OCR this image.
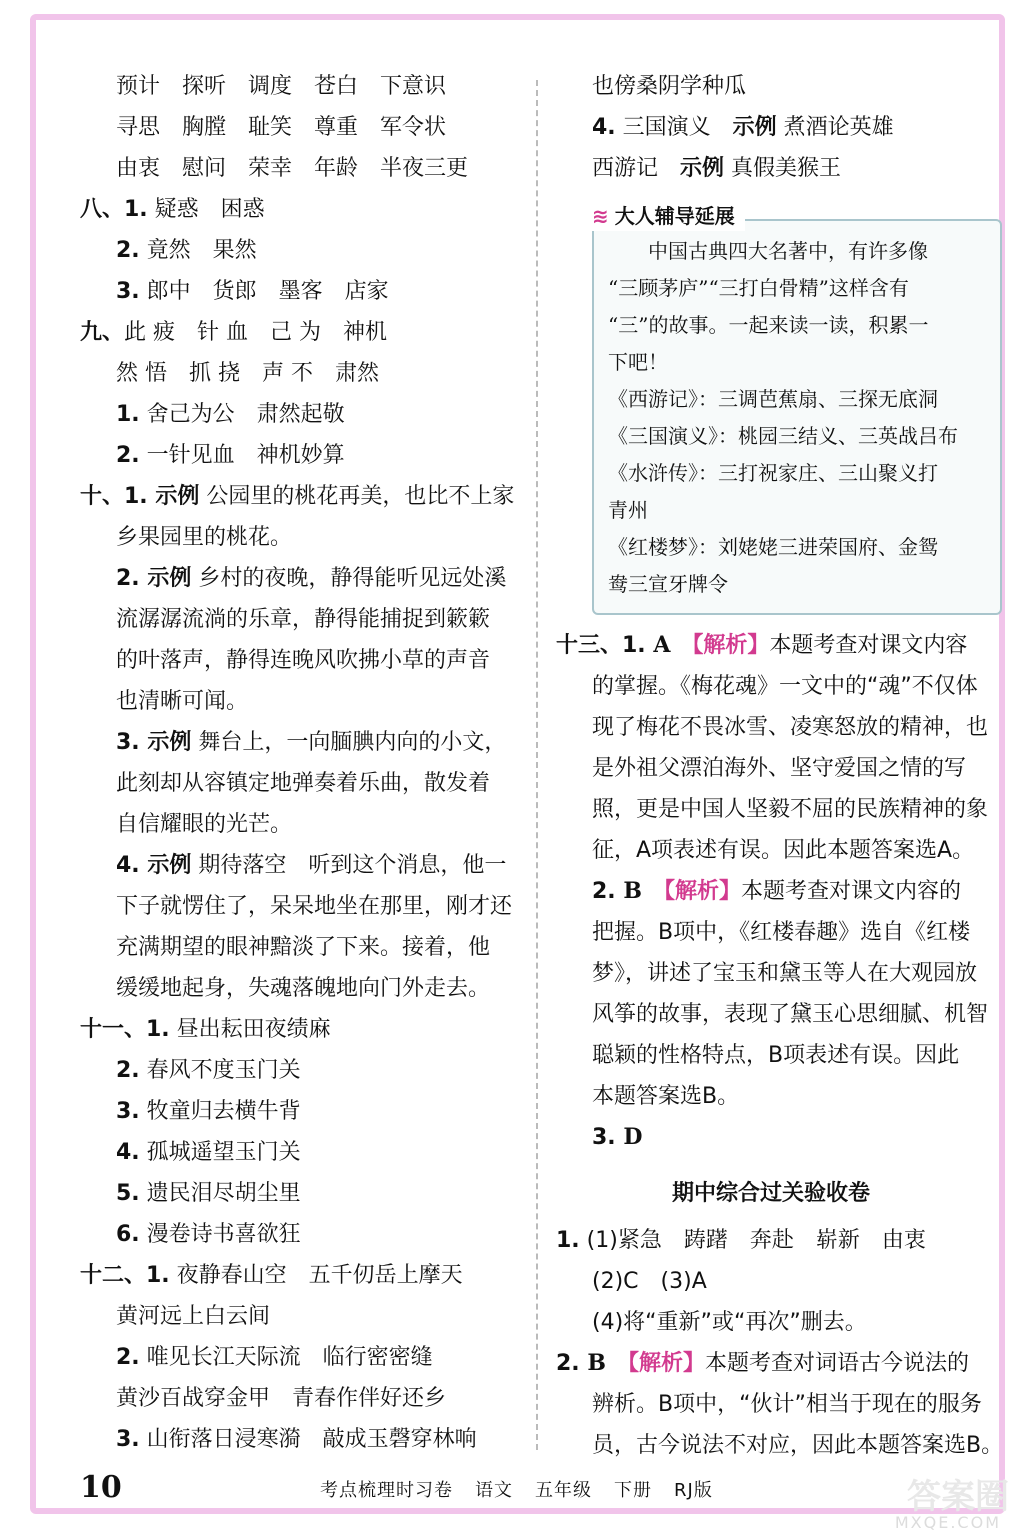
预计　探听　调度　苍白　下意识
寻思　胸膛　耻笑　尊重　军令状
由衷　慰问　荣幸　年龄　半夜三更
八、1. 疑惑　困惑
2. 竟然　果然
3. 郎中　货郎　墨客　店家
九、此 疲　针 血　己 为　神机
然 悟　抓 挠　声 不　肃然
1. 舍己为公　肃然起敬
2. 一针见血　神机妙算
十、1. 示例 公园里的桃花再美，也比不上家
乡果园里的桃花。
2. 示例 乡村的夜晚，静得能听见远处溪
流潺潺流淌的乐章，静得能捕捉到簌簌
的叶落声，静得连晚风吹拂小草的声音
也清晰可闻。
3. 示例 舞台上，一向腼腆内向的小文，
此刻却从容镇定地弹奏着乐曲，散发着
自信耀眼的光芒。
4. 示例 期待落空　听到这个消息，他一
下子就愣住了，呆呆地坐在那里，刚才还
充满期望的眼神黯淡了下来。接着，他
缓缓地起身，失魂落魄地向门外走去。
十一、1. 昼出耘田夜绩麻
2. 春风不度玉门关
3. 牧童归去横牛背
4. 孤城遥望玉门关
5. 遗民泪尽胡尘里
6. 漫卷诗书喜欲狂
十二、1. 夜静春山空　五千仞岳上摩天
黄河远上白云间
2. 唯见长江天际流　临行密密缝
黄沙百战穿金甲　青春作伴好还乡
3. 山衔落日浸寒漪　敲成玉磬穿林响
也傍桑阴学种瓜
4. 三国演义　示例 煮酒论英雄
西游记　示例 真假美猴王
≋ 大人辅导延展
　　中国古典四大名著中，有许多像
“三顾茅庐”“三打白骨精”这样含有
“三”的故事。一起来读一读，积累一
下吧！
《西游记》：三调芭蕉扇、三探无底洞
《三国演义》：桃园三结义、三英战吕布
《水浒传》：三打祝家庄、三山聚义打
青州
《红楼梦》：刘姥姥三进荣国府、金鸳
鸯三宣牙牌令
十三、1. A　【解析】本题考查对课文内容
的掌握。《梅花魂》一文中的“魂”不仅体
现了梅花不畏冰雪、凌寒怒放的精神，也
是外祖父漂泊海外、坚守爱国之情的写
照，更是中国人坚毅不屈的民族精神的象
征，A项表述有误。因此本题答案选A。
2. B　【解析】本题考查对课文内容的
把握。B项中，《红楼春趣》选自《红楼
梦》，讲述了宝玉和黛玉等人在大观园放
风筝的故事，表现了黛玉心思细腻、机智
聪颖的性格特点，B项表述有误。因此
本题答案选B。
3. D
期中综合过关验收卷
1. (1)紧急　踌躇　奔赴　崭新　由衷
(2)C　(3)A
(4)将“重新”或“再次”删去。
2. B　【解析】本题考查对词语古今说法的
辨析。B项中，“伙计”相当于现在的服务
员，古今说法不对应，因此本题答案选B。
10	考点梳理时习卷 语文 五年级 下册 RJ版	答案圈
MXQE.COM
